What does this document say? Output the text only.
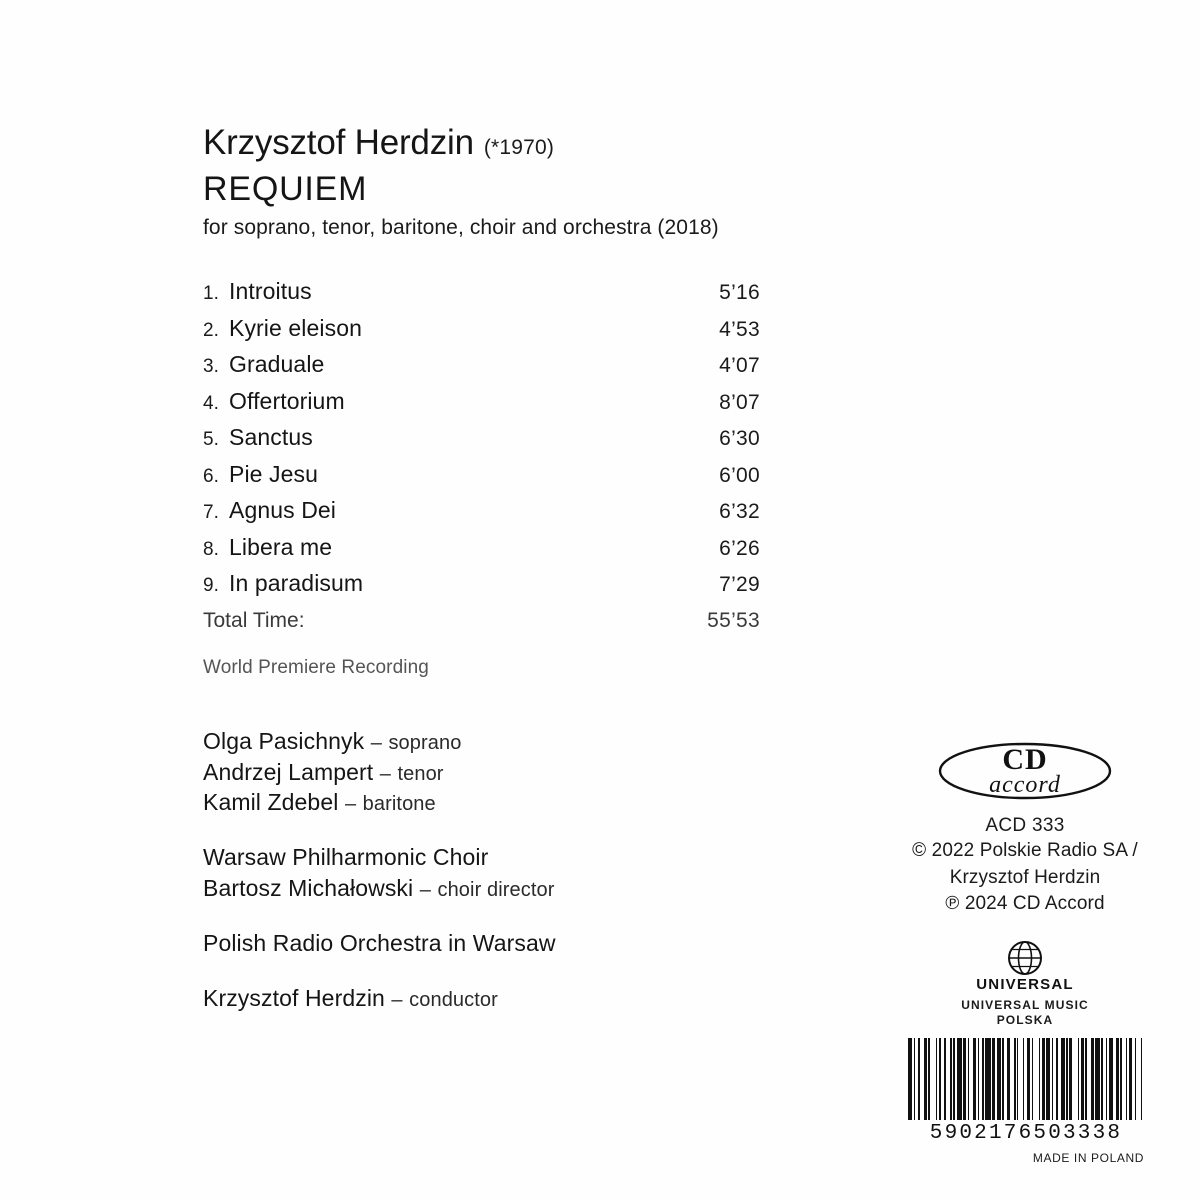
Krzysztof Herdzin (*1970)
REQUIEM
for soprano, tenor, baritone, choir and orchestra (2018)
1. Introitus	5’16
2. Kyrie eleison	4’53
3. Graduale	4’07
4. Offertorium	8’07
5. Sanctus	6’30
6. Pie Jesu	6’00
7. Agnus Dei	6’32
8. Libera me	6’26
9. In paradisum	7’29
Total Time:	55’53
World Premiere Recording
Olga Pasichnyk – soprano
Andrzej Lampert – tenor
Kamil Zdebel – baritone
Warsaw Philharmonic Choir
Bartosz Michałowski – choir director
Polish Radio Orchestra in Warsaw
Krzysztof Herdzin – conductor
CD
accord
ACD 333
© 2022 Polskie Radio SA /
Krzysztof Herdzin
℗ 2024 CD Accord
UNIVERSAL
UNIVERSAL MUSIC
POLSKA
5902176503338
MADE IN POLAND
